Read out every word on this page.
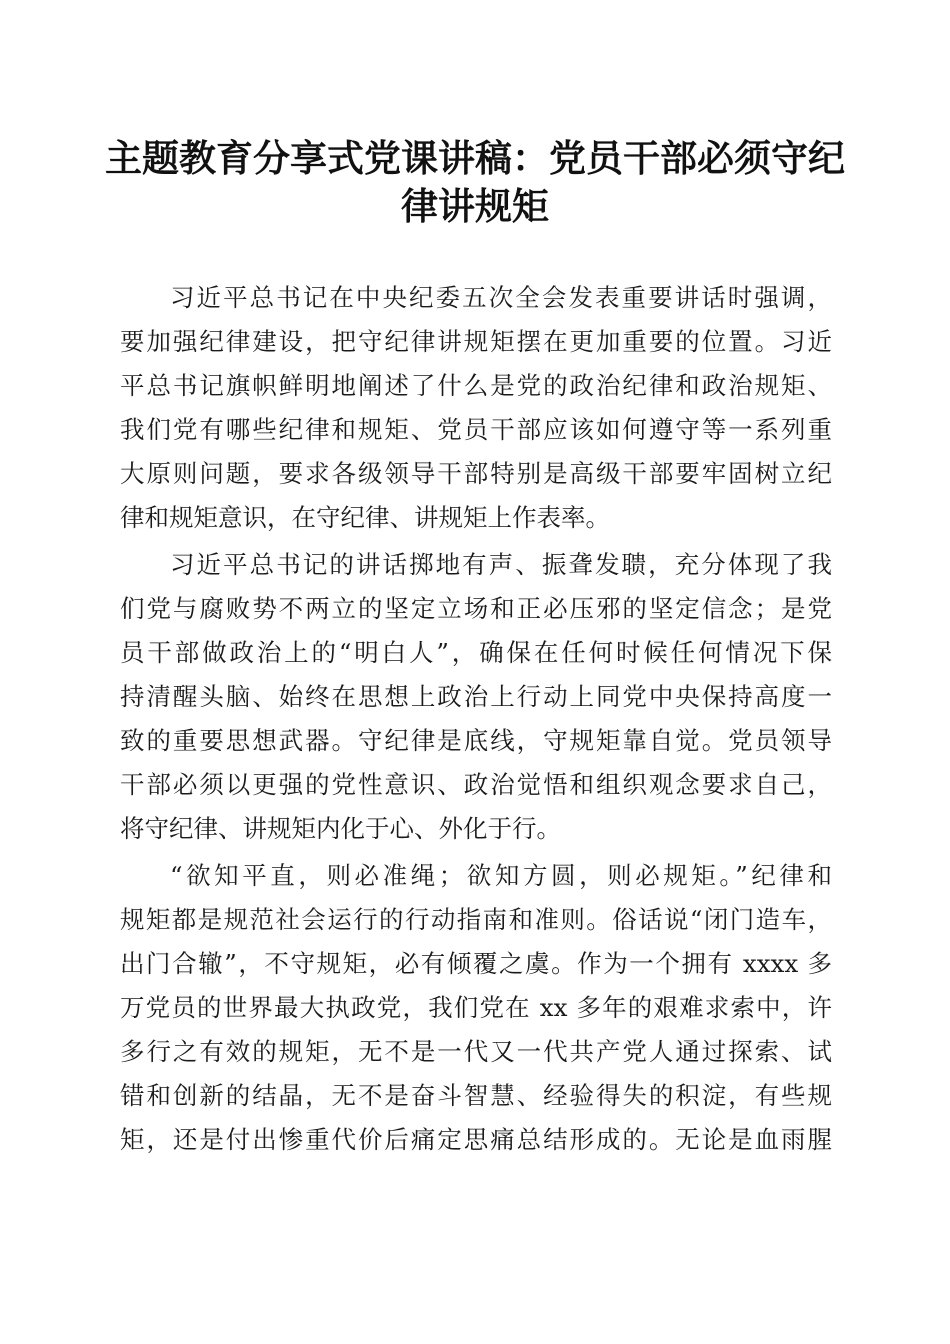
主题教育分享式党课讲稿：党员干部必须守纪
律讲规矩
习近平总书记在中央纪委五次全会发表重要讲话时强调，
要加强纪律建设，把守纪律讲规矩摆在更加重要的位置。习近
平总书记旗帜鲜明地阐述了什么是党的政治纪律和政治规矩、
我们党有哪些纪律和规矩、党员干部应该如何遵守等一系列重
大原则问题，要求各级领导干部特别是高级干部要牢固树立纪
律和规矩意识，在守纪律、讲规矩上作表率。
习近平总书记的讲话掷地有声、振聋发聩，充分体现了我
们党与腐败势不两立的坚定立场和正必压邪的坚定信念；是党
员干部做政治上的“明白人”，确保在任何时候任何情况下保
持清醒头脑、始终在思想上政治上行动上同党中央保持高度一
致的重要思想武器。守纪律是底线，守规矩靠自觉。党员领导
干部必须以更强的党性意识、政治觉悟和组织观念要求自己，
将守纪律、讲规矩内化于心、外化于行。
“欲知平直，则必准绳；欲知方圆，则必规矩。”纪律和
规矩都是规范社会运行的行动指南和准则。俗话说“闭门造车，
出门合辙”，不守规矩，必有倾覆之虞。作为一个拥有 xxxx 多
万党员的世界最大执政党，我们党在 xx 多年的艰难求索中，许
多行之有效的规矩，无不是一代又一代共产党人通过探索、试
错和创新的结晶，无不是奋斗智慧、经验得失的积淀，有些规
矩，还是付出惨重代价后痛定思痛总结形成的。无论是血雨腥
